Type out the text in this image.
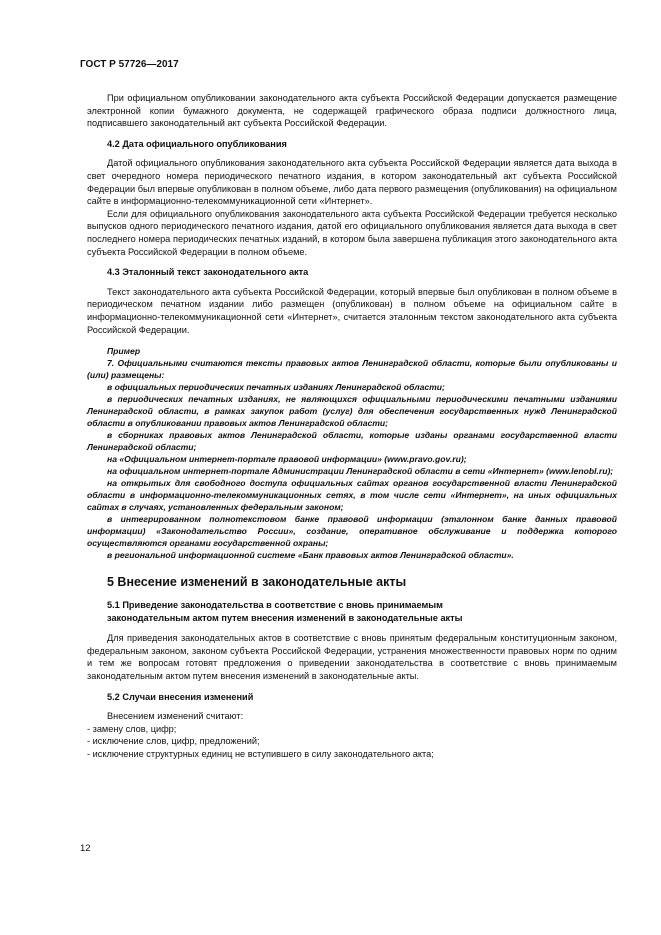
ГОСТ Р 57726—2017

При официальном опубликовании законодательного акта субъекта Российской Федерации допускается размещение электронной копии бумажного документа, не содержащей графического образа подписи должностного лица, подписавшего законодательный акт субъекта Российской Федерации.

4.2 Дата официального опубликования

Датой официального опубликования законодательного акта субъекта Российской Федерации является дата выхода в свет очередного номера периодического печатного издания, в котором законодательный акт субъекта Российской Федерации был впервые опубликован в полном объеме, либо дата первого размещения (опубликования) на официальном сайте в информационно-телекоммуникационной сети «Интернет».

Если для официального опубликования законодательного акта субъекта Российской Федерации требуется несколько выпусков одного периодического печатного издания, датой его официального опубликования является дата выхода в свет последнего номера периодических печатных изданий, в котором была завершена публикация этого законодательного акта субъекта Российской Федерации в полном объеме.

4.3 Эталонный текст законодательного акта

Текст законодательного акта субъекта Российской Федерации, который впервые был опубликован в полном объеме в периодическом печатном издании либо размещен (опубликован) в полном объеме на официальном сайте в информационно-телекоммуникационной сети «Интернет», считается эталонным текстом законодательного акта субъекта Российской Федерации.

Пример

7. Официальными считаются тексты правовых актов Ленинградской области, которые были опубликованы и (или) размещены:

в официальных периодических печатных изданиях Ленинградской области;

в периодических печатных изданиях, не являющихся официальными периодическими печатными изданиями Ленинградской области, в рамках закупок работ (услуг) для обеспечения государственных нужд Ленинградской области в опубликовании правовых актов Ленинградской области;

в сборниках правовых актов Ленинградской области, которые изданы органами государственной власти Ленинградской области;

на «Официальном интернет-портале правовой информации» (www.pravo.gov.ru);

на официальном интернет-портале Администрации Ленинградской области в сети «Интернет» (www.lenobl.ru);

на открытых для свободного доступа официальных сайтах органов государственной власти Ленинградской области в информационно-телекоммуникационных сетях, в том числе сети «Интернет», на иных официальных сайтах в случаях, установленных федеральным законом;

в интегрированном полнотекстовом банке правовой информации (эталонном банке данных правовой информации) «Законодательство России», создание, оперативное обслуживание и поддержка которого осуществляются органами государственной охраны;

в региональной информационной системе «Банк правовых актов Ленинградской области».

5 Внесение изменений в законодательные акты

5.1 Приведение законодательства в соответствие с вновь принимаемым
законодательным актом путем внесения изменений в законодательные акты

Для приведения законодательных актов в соответствие с вновь принятым федеральным конституционным законом, федеральным законом, законом субъекта Российской Федерации, устранения множественности правовых норм по одним и тем же вопросам готовят предложения о приведении законодательства в соответствие с вновь принимаемым законодательным актом путем внесения изменений в законодательные акты.

5.2 Случаи внесения изменений

Внесением изменений считают:

- замену слов, цифр;

- исключение слов, цифр, предложений;

- исключение структурных единиц не вступившего в силу законодательного акта;

12
